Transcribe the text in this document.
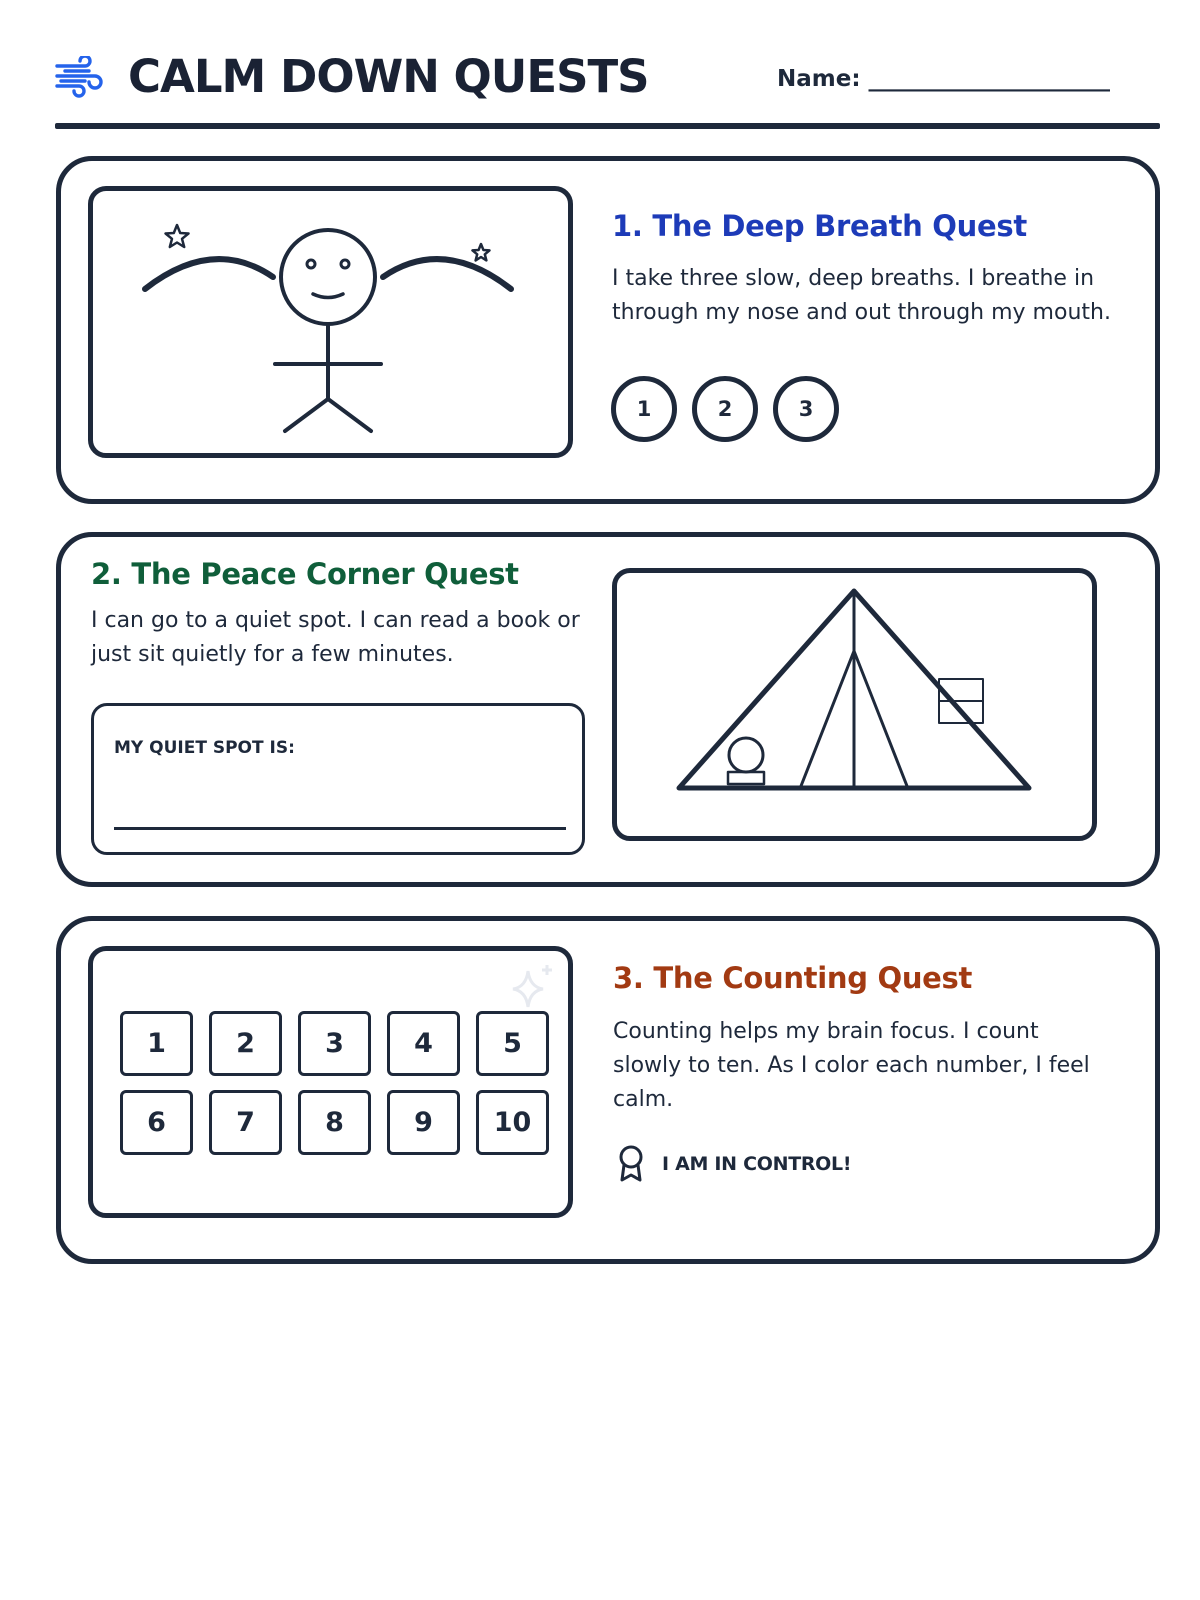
CALM DOWN QUESTS	Name: _____________________
1. The Deep Breath Quest
I take three slow, deep breaths. I breathe in through my nose and out through my mouth.
1	2	3
2. The Peace Corner Quest
I can go to a quiet spot. I can read a book or just sit quietly for a few minutes.
MY QUIET SPOT IS:
1	2	3	4	5
6	7	8	9	10
3. The Counting Quest
Counting helps my brain focus. I count slowly to ten. As I color each number, I feel calm.
I AM IN CONTROL!
